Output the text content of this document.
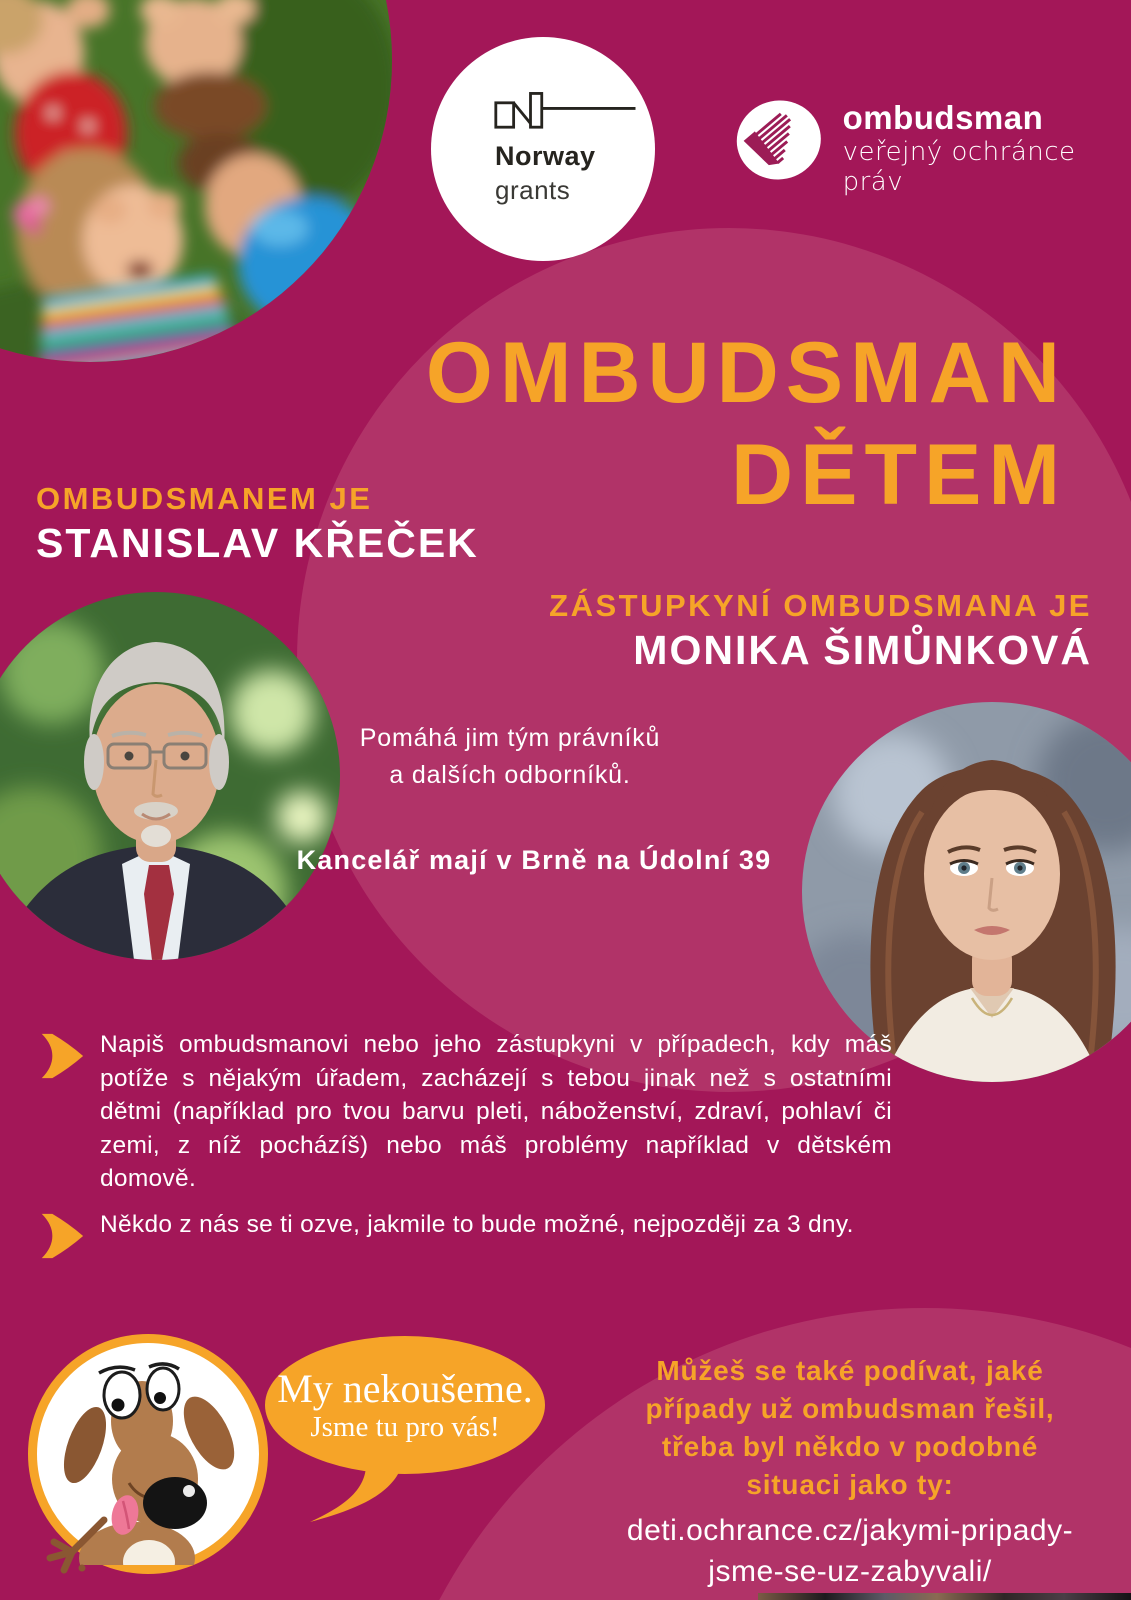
Norway
grants
ombudsman
veřejný ochránce práv
OMBUDSMAN
DĚTEM
OMBUDSMANEM JE
STANISLAV KŘEČEK
ZÁSTUPKYNÍ OMBUDSMANA JE
MONIKA ŠIMŮNKOVÁ
Pomáhá jim tým právníků
a dalších odborníků.
Kancelář mají v Brně na Údolní 39

Napiš ombudsmanovi nebo jeho zástupkyni v případech, kdy máš potíže s nějakým úřadem, zacházejí s tebou jinak než s ostatními dětmi (například pro tvou barvu pleti, náboženství, zdraví, pohlaví či zemi, z níž pocházíš) nebo máš problémy například v dětském domově.

Někdo z nás se ti ozve, jakmile to bude možné, nejpozději za 3 dny.

My nekoušeme.
Jsme tu pro vás!
Můžeš se také podívat, jaké
případy už ombudsman řešil,
třeba byl někdo v podobné
situaci jako ty:
deti.ochrance.cz/jakymi-pripady-
jsme-se-uz-zabyvali/
